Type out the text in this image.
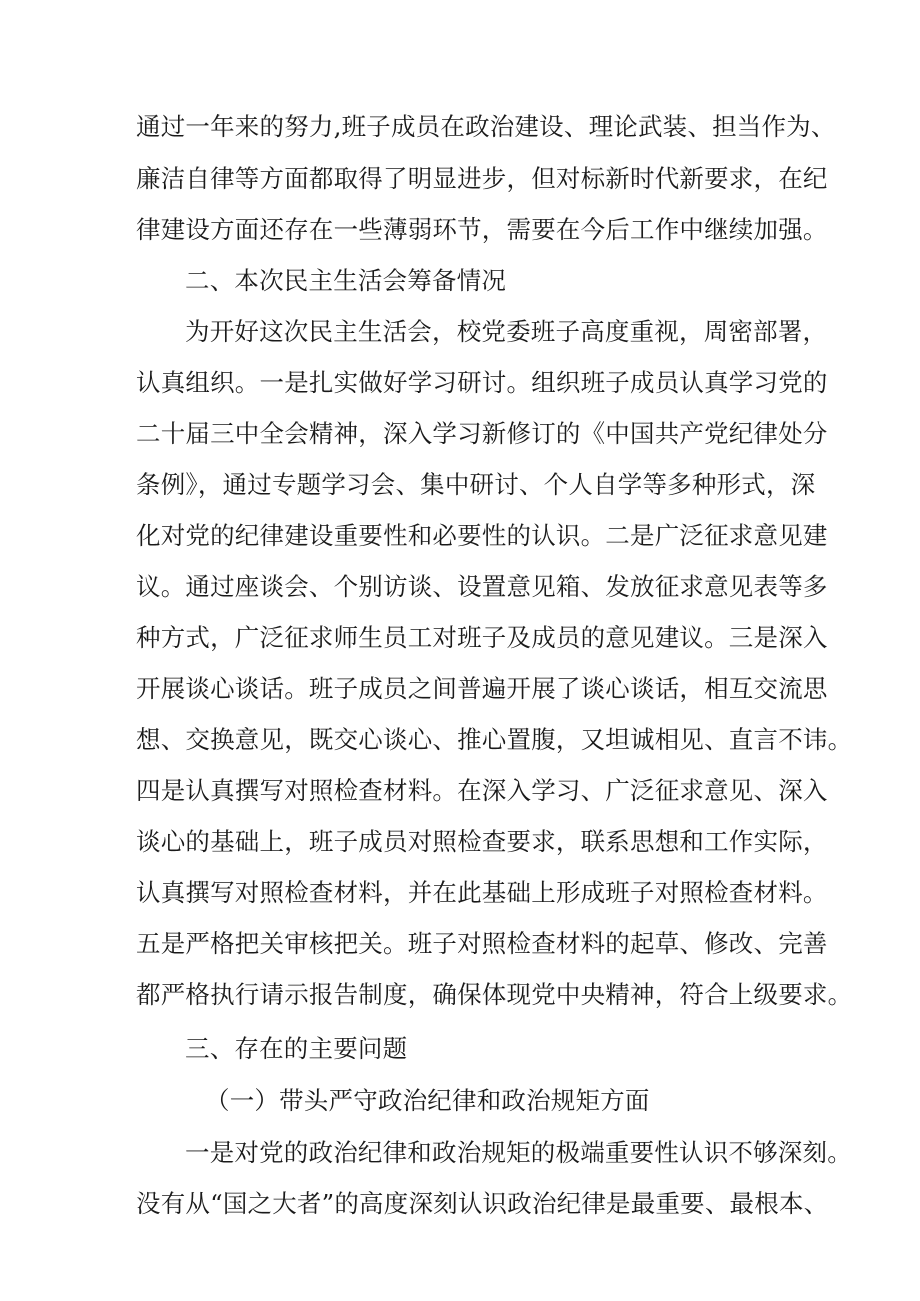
通过一年来的努力,班子成员在政治建设、理论武装、担当作为、
廉洁自律等方面都取得了明显进步，但对标新时代新要求，在纪
律建设方面还存在一些薄弱环节，需要在今后工作中继续加强。
二、本次民主生活会筹备情况
为开好这次民主生活会，校党委班子高度重视，周密部署，
认真组织。一是扎实做好学习研讨。组织班子成员认真学习党的
二十届三中全会精神，深入学习新修订的《中国共产党纪律处分
条例》，通过专题学习会、集中研讨、个人自学等多种形式，深
化对党的纪律建设重要性和必要性的认识。二是广泛征求意见建
议。通过座谈会、个别访谈、设置意见箱、发放征求意见表等多
种方式，广泛征求师生员工对班子及成员的意见建议。三是深入
开展谈心谈话。班子成员之间普遍开展了谈心谈话，相互交流思
想、交换意见，既交心谈心、推心置腹，又坦诚相见、直言不讳。
四是认真撰写对照检查材料。在深入学习、广泛征求意见、深入
谈心的基础上，班子成员对照检查要求，联系思想和工作实际，
认真撰写对照检查材料，并在此基础上形成班子对照检查材料。
五是严格把关审核把关。班子对照检查材料的起草、修改、完善
都严格执行请示报告制度，确保体现党中央精神，符合上级要求。
三、存在的主要问题
（一）带头严守政治纪律和政治规矩方面
一是对党的政治纪律和政治规矩的极端重要性认识不够深刻。
没有从“国之大者”的高度深刻认识政治纪律是最重要、最根本、
